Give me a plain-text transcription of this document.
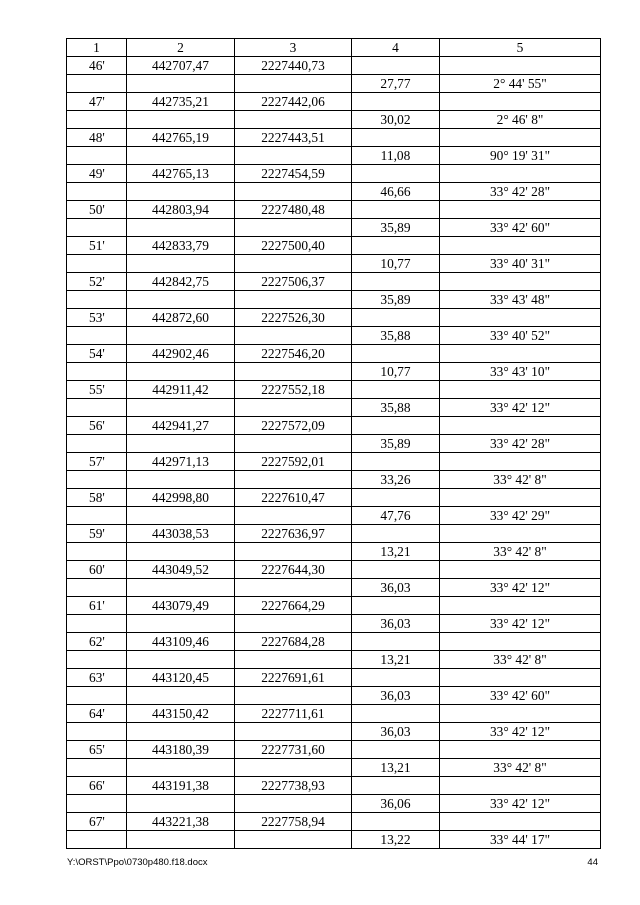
1	2	3	4	5
46'	442707,47	2227440,73		
			27,77	2° 44' 55"
47'	442735,21	2227442,06		
			30,02	2° 46' 8"
48'	442765,19	2227443,51		
			11,08	90° 19' 31"
49'	442765,13	2227454,59		
			46,66	33° 42' 28"
50'	442803,94	2227480,48		
			35,89	33° 42' 60"
51'	442833,79	2227500,40		
			10,77	33° 40' 31"
52'	442842,75	2227506,37		
			35,89	33° 43' 48"
53'	442872,60	2227526,30		
			35,88	33° 40' 52"
54'	442902,46	2227546,20		
			10,77	33° 43' 10"
55'	442911,42	2227552,18		
			35,88	33° 42' 12"
56'	442941,27	2227572,09		
			35,89	33° 42' 28"
57'	442971,13	2227592,01		
			33,26	33° 42' 8"
58'	442998,80	2227610,47		
			47,76	33° 42' 29"
59'	443038,53	2227636,97		
			13,21	33° 42' 8"
60'	443049,52	2227644,30		
			36,03	33° 42' 12"
61'	443079,49	2227664,29		
			36,03	33° 42' 12"
62'	443109,46	2227684,28		
			13,21	33° 42' 8"
63'	443120,45	2227691,61		
			36,03	33° 42' 60"
64'	443150,42	2227711,61		
			36,03	33° 42' 12"
65'	443180,39	2227731,60		
			13,21	33° 42' 8"
66'	443191,38	2227738,93		
			36,06	33° 42' 12"
67'	443221,38	2227758,94		
			13,22	33° 44' 17"
Y:\ORST\Ppo\0730p480.f18.docx	44
